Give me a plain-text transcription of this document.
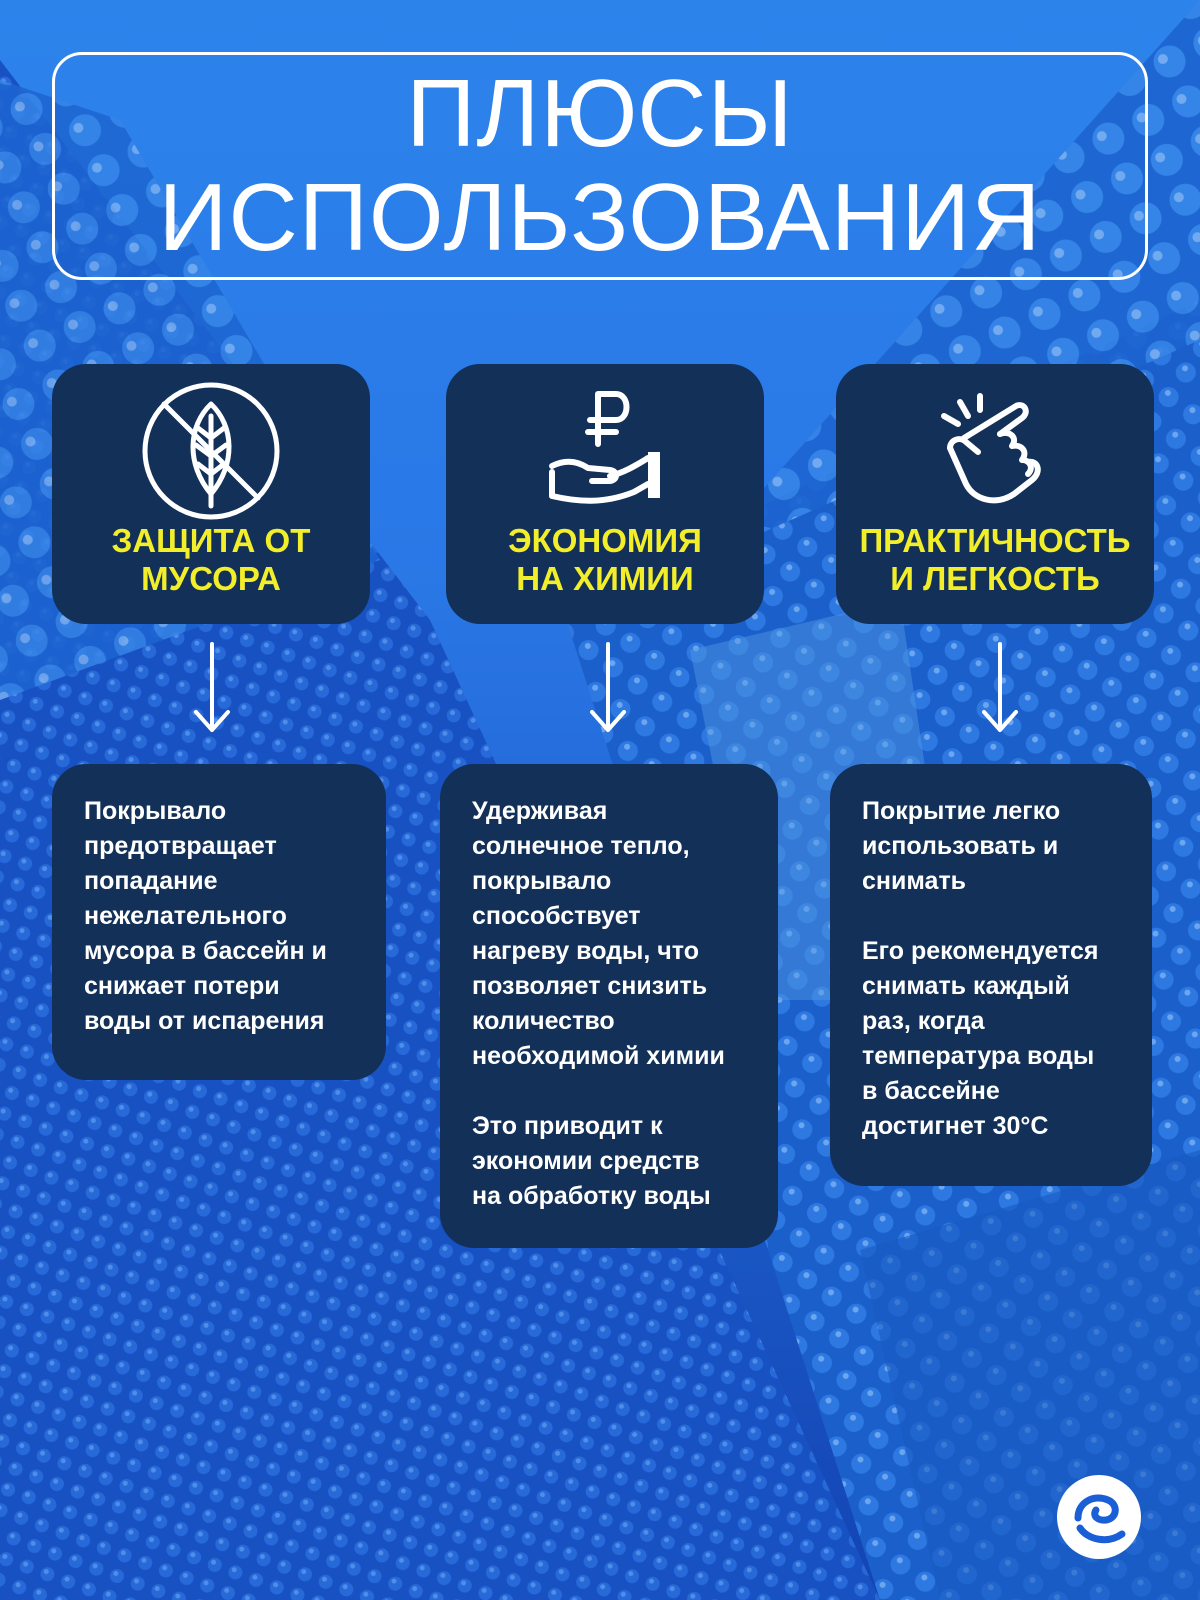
ПЛЮСЫ
ИСПОЛЬЗОВАНИЯ
ЗАЩИТА ОТ
МУСОРА
ЭКОНОМИЯ
НА ХИМИИ
ПРАКТИЧНОСТЬ
И ЛЕГКОСТЬ
Покрывало
предотвращает
попадание
нежелательного
мусора в бассейн и
снижает потери
воды от испарения
Удерживая
солнечное тепло,
покрывало
способствует
нагреву воды, что
позволяет снизить
количество
необходимой химии
Это приводит к
экономии средств
на обработку воды
Покрытие легко
использовать и
снимать
Его рекомендуется
снимать каждый
раз, когда
температура воды
в бассейне
достигнет 30°С
